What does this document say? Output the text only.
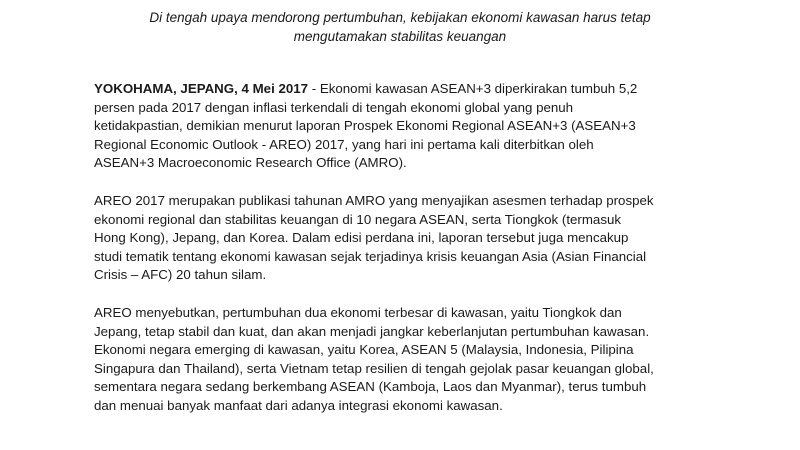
Di tengah upaya mendorong pertumbuhan, kebijakan ekonomi kawasan harus tetap
mengutamakan stabilitas keuangan
YOKOHAMA, JEPANG, 4 Mei 2017 - Ekonomi kawasan ASEAN+3 diperkirakan tumbuh 5,2
persen pada 2017 dengan inflasi terkendali di tengah ekonomi global yang penuh
ketidakpastian, demikian menurut laporan Prospek Ekonomi Regional ASEAN+3 (ASEAN+3
Regional Economic Outlook - AREO) 2017, yang hari ini pertama kali diterbitkan oleh
ASEAN+3 Macroeconomic Research Office (AMRO).
AREO 2017 merupakan publikasi tahunan AMRO yang menyajikan asesmen terhadap prospek
ekonomi regional dan stabilitas keuangan di 10 negara ASEAN, serta Tiongkok (termasuk
Hong Kong), Jepang, dan Korea. Dalam edisi perdana ini, laporan tersebut juga mencakup
studi tematik tentang ekonomi kawasan sejak terjadinya krisis keuangan Asia (Asian Financial
Crisis – AFC) 20 tahun silam.
AREO menyebutkan, pertumbuhan dua ekonomi terbesar di kawasan, yaitu Tiongkok dan
Jepang, tetap stabil dan kuat, dan akan menjadi jangkar keberlanjutan pertumbuhan kawasan.
Ekonomi negara emerging di kawasan, yaitu Korea, ASEAN 5 (Malaysia, Indonesia, Pilipina
Singapura dan Thailand), serta Vietnam tetap resilien di tengah gejolak pasar keuangan global,
sementara negara sedang berkembang ASEAN (Kamboja, Laos dan Myanmar), terus tumbuh
dan menuai banyak manfaat dari adanya integrasi ekonomi kawasan.
